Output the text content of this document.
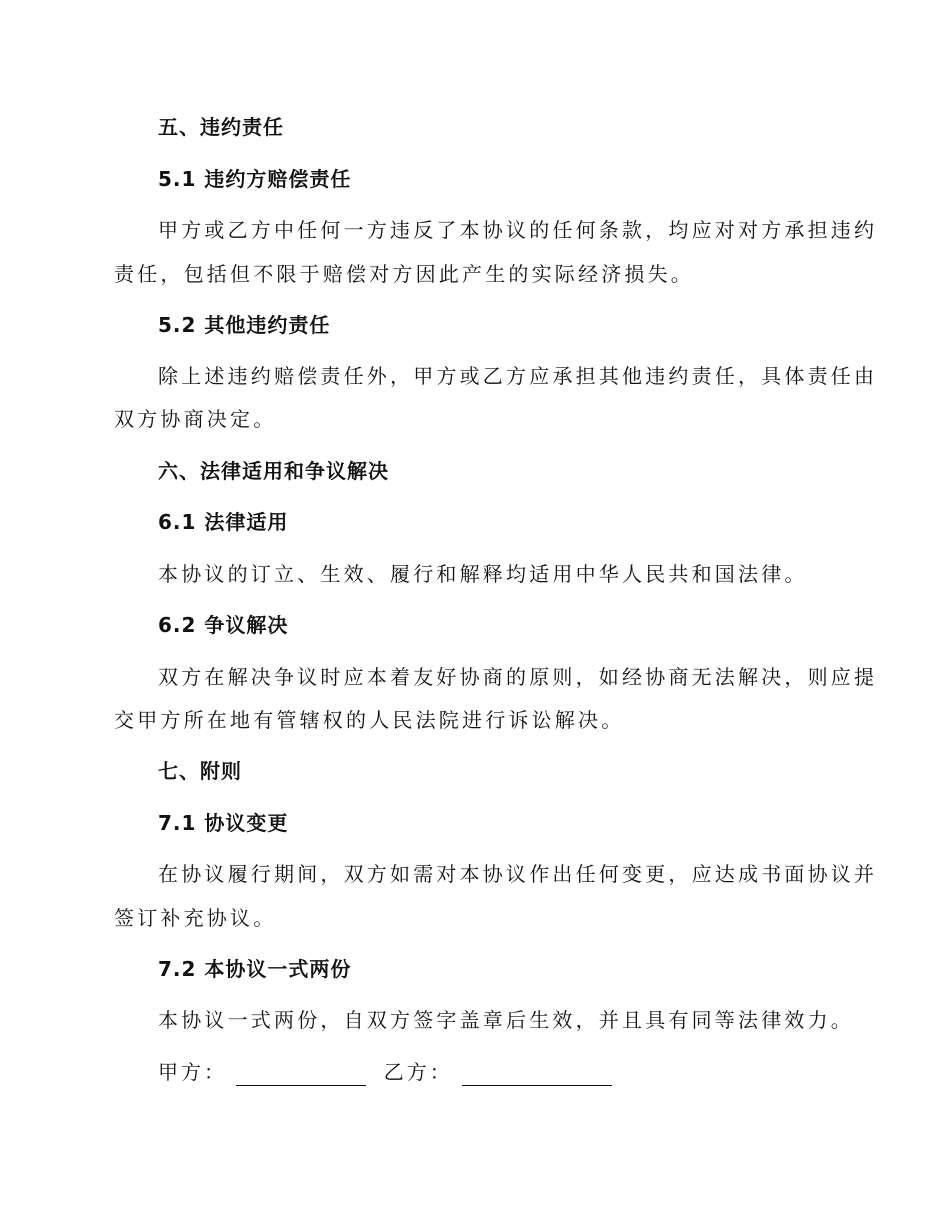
五、违约责任
5.1 违约方赔偿责任
甲方或乙方中任何一方违反了本协议的任何条款，均应对对方承担违约
责任，包括但不限于赔偿对方因此产生的实际经济损失。
5.2 其他违约责任
除上述违约赔偿责任外，甲方或乙方应承担其他违约责任，具体责任由
双方协商决定。
六、法律适用和争议解决
6.1 法律适用
本协议的订立、生效、履行和解释均适用中华人民共和国法律。
6.2 争议解决
双方在解决争议时应本着友好协商的原则，如经协商无法解决，则应提
交甲方所在地有管辖权的人民法院进行诉讼解决。
七、附则
7.1 协议变更
在协议履行期间，双方如需对本协议作出任何变更，应达成书面协议并
签订补充协议。
7.2 本协议一式两份
本协议一式两份，自双方签字盖章后生效，并且具有同等法律效力。
甲方：	乙方：
